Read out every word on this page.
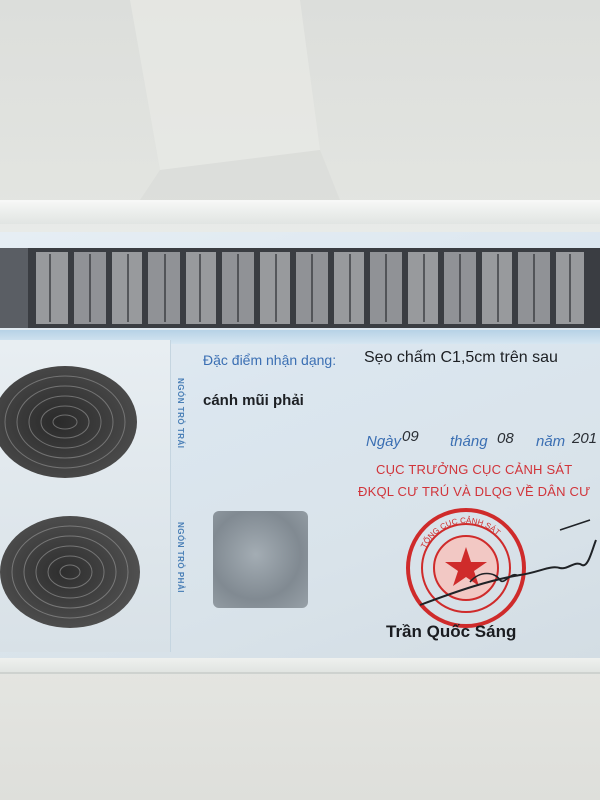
NGÓN TRỎ TRÁI
NGÓN TRỎ PHẢI
Đặc điểm nhận dạng: Sẹo chấm C1,5cm trên sau
cánh mũi phải
Ngày 09 tháng 08 năm 201
CỤC TRƯỞNG CỤC CẢNH SÁT
ĐKQL CƯ TRÚ VÀ DLQG VỀ DÂN CƯ
TỔNG CỤC CẢNH SÁT
Trần Quốc Sáng
